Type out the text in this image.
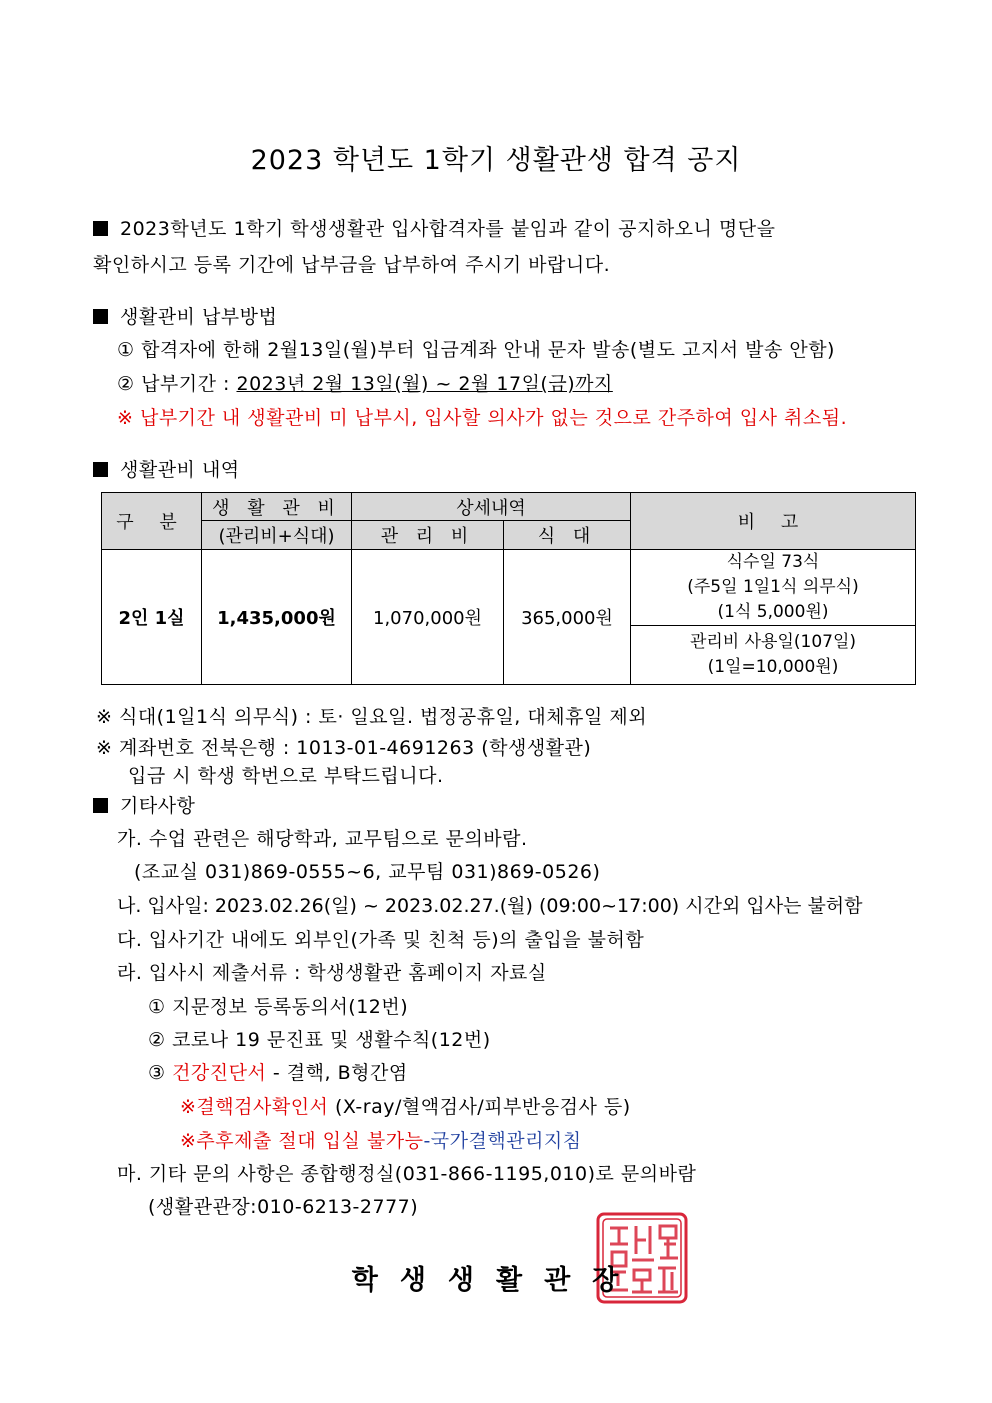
2023 학년도 1학기 생활관생 합격 공지
2023학년도 1학기 학생생활관 입사합격자를 붙임과 같이 공지하오니 명단을
확인하시고 등록 기간에 납부금을 납부하여 주시기 바랍니다.
생활관비 납부방법
① 합격자에 한해 2월13일(월)부터 입금계좌 안내 문자 발송(별도 고지서 발송 안함)
② 납부기간 : 2023년 2월 13일(월) ~ 2월 17일(금)까지
※ 납부기간 내 생활관비 미 납부시, 입사할 의사가 없는 것으로 간주하여 입사 취소됨.
생활관비 내역
구 분	생 활 관 비	상세내역		비 고
	(관리비+식대)	관 리 비	식 대	
2인 1실	1,435,000원	1,070,000원	365,000원	식수일 73식
(주5일 1일1식 의무식)
(1식 5,000원)

				관리비 사용일(107일)
(1일=10,000원)
※ 식대(1일1식 의무식) : 토· 일요일. 법정공휴일, 대체휴일 제외
※ 계좌번호 전북은행 : 1013-01-4691263 (학생생활관)
입금 시 학생 학번으로 부탁드립니다.
기타사항
가. 수업 관련은 해당학과, 교무팀으로 문의바람.
(조교실 031)869-0555~6, 교무팀 031)869-0526)
나. 입사일: 2023.02.26(일) ~ 2023.02.27.(월) (09:00~17:00) 시간외 입사는 불허함
다. 입사기간 내에도 외부인(가족 및 친척 등)의 출입을 불허함
라. 입사시 제출서류 : 학생생활관 홈페이지 자료실
① 지문정보 등록동의서(12번)
② 코로나 19 문진표 및 생활수칙(12번)
③ 건강진단서 - 결핵, B형간염
※결핵검사확인서 (X-ray/혈액검사/피부반응검사 등)
※추후제출 절대 입실 불가능-국가결핵관리지침
마. 기타 문의 사항은 종합행정실(031-866-1195,010)로 문의바람
(생활관관장:010-6213-2777)
학생생활관장
